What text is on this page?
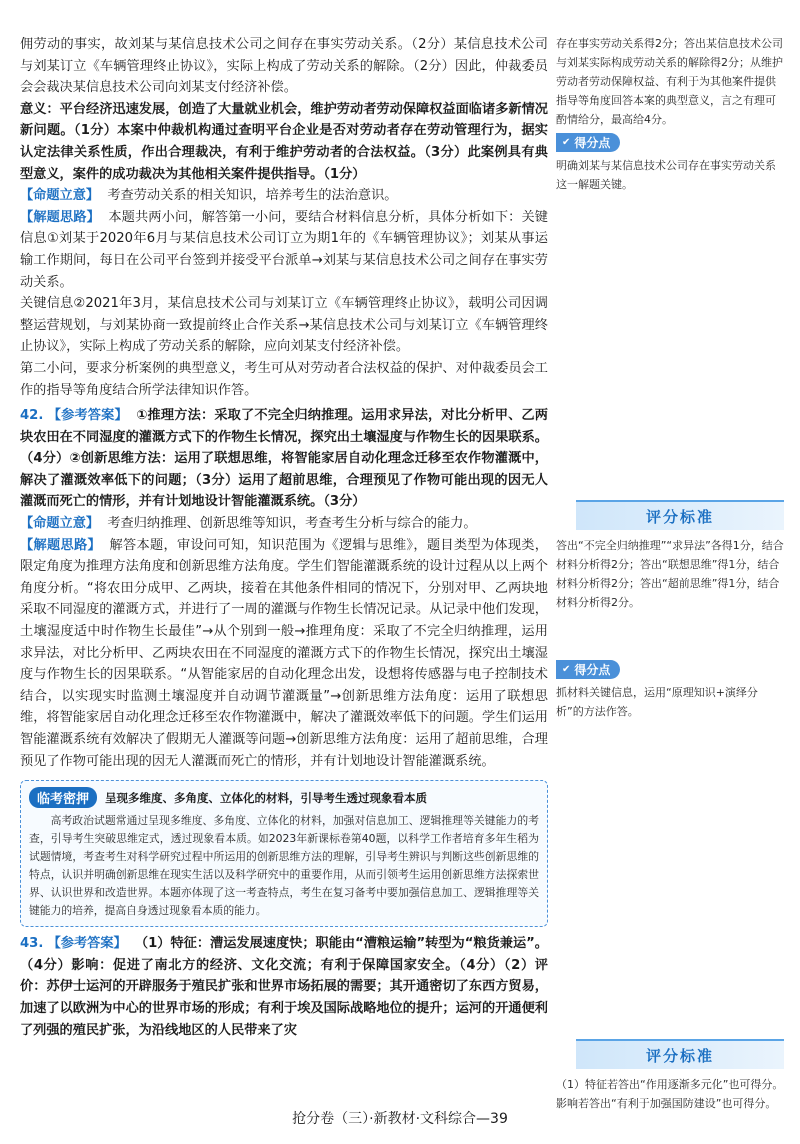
佣劳动的事实，故刘某与某信息技术公司之间存在事实劳动关系。（2分）某信息技术公司与刘某订立《车辆管理终止协议》，实际上构成了劳动关系的解除。（2分）因此，仲裁委员会会裁决某信息技术公司向刘某支付经济补偿。

意义：平台经济迅速发展，创造了大量就业机会，维护劳动者劳动保障权益面临诸多新情况新问题。（1分）本案中仲裁机构通过查明平台企业是否对劳动者存在劳动管理行为，据实认定法律关系性质，作出合理裁决，有利于维护劳动者的合法权益。（3分）此案例具有典型意义，案件的成功裁决为其他相关案件提供指导。（1分）

【命题立意】 考查劳动关系的相关知识，培养考生的法治意识。

【解题思路】 本题共两小问，解答第一小问，要结合材料信息分析，具体分析如下：关键信息①刘某于2020年6月与某信息技术公司订立为期1年的《车辆管理协议》；刘某从事运输工作期间，每日在公司平台签到并接受平台派单→刘某与某信息技术公司之间存在事实劳动关系。

关键信息②2021年3月，某信息技术公司与刘某订立《车辆管理终止协议》，载明公司因调整运营规划，与刘某协商一致提前终止合作关系→某信息技术公司与刘某订立《车辆管理终止协议》，实际上构成了劳动关系的解除，应向刘某支付经济补偿。

第二小问，要求分析案例的典型意义，考生可从对劳动者合法权益的保护、对仲裁委员会工作的指导等角度结合所学法律知识作答。

42. 【参考答案】 ①推理方法：采取了不完全归纳推理。运用求异法，对比分析甲、乙两块农田在不同湿度的灌溉方式下的作物生长情况，探究出土壤湿度与作物生长的因果联系。（4分）②创新思维方法：运用了联想思维，将智能家居自动化理念迁移至农作物灌溉中，解决了灌溉效率低下的问题；（3分）运用了超前思维，合理预见了作物可能出现的因无人灌溉而死亡的情形，并有计划地设计智能灌溉系统。（3分）

【命题立意】 考查归纳推理、创新思维等知识，考查考生分析与综合的能力。

【解题思路】 解答本题，审设问可知，知识范围为《逻辑与思维》，题目类型为体现类，限定角度为推理方法角度和创新思维方法角度。学生们智能灌溉系统的设计过程从以上两个角度分析。“将农田分成甲、乙两块，接着在其他条件相同的情况下，分别对甲、乙两块地采取不同湿度的灌溉方式，并进行了一周的灌溉与作物生长情况记录。从记录中他们发现，土壤湿度适中时作物生长最佳”→从个别到一般→推理角度：采取了不完全归纳推理，运用求异法，对比分析甲、乙两块农田在不同湿度的灌溉方式下的作物生长情况，探究出土壤湿度与作物生长的因果联系。“从智能家居的自动化理念出发，设想将传感器与电子控制技术结合，以实现实时监测土壤湿度并自动调节灌溉量”→创新思维方法角度：运用了联想思维，将智能家居自动化理念迁移至农作物灌溉中，解决了灌溉效率低下的问题。学生们运用智能灌溉系统有效解决了假期无人灌溉等问题→创新思维方法角度：运用了超前思维，合理预见了作物可能出现的因无人灌溉而死亡的情形，并有计划地设计智能灌溉系统。

临考密押	呈现多维度、多角度、立体化的材料，引导考生透过现象看本质

高考政治试题常通过呈现多维度、多角度、立体化的材料，加强对信息加工、逻辑推理等关键能力的考查，引导考生突破思维定式，透过现象看本质。如2023年新课标卷第40题，以科学工作者培育多年生稻为试题情境，考查考生对科学研究过程中所运用的创新思维方法的理解，引导考生辨识与判断这些创新思维的特点，认识并明确创新思维在现实生活以及科学研究中的重要作用，从而引领考生运用创新思维方法探索世界、认识世界和改造世界。本题亦体现了这一考查特点，考生在复习备考中要加强信息加工、逻辑推理等关键能力的培养，提高自身透过现象看本质的能力。

43. 【参考答案】 （1）特征：漕运发展速度快；职能由“漕粮运输”转型为“粮货兼运”。（4分）影响：促进了南北方的经济、文化交流；有利于保障国家安全。（4分）（2）评价：苏伊士运河的开辟服务于殖民扩张和世界市场拓展的需要；其开通密切了东西方贸易，加速了以欧洲为中心的世界市场的形成；有利于埃及国际战略地位的提升；运河的开通便利了列强的殖民扩张，为沿线地区的人民带来了灾

存在事实劳动关系得2分；答出某信息技术公司与刘某实际构成劳动关系的解除得2分；从维护劳动者劳动保障权益、有利于为其他案件提供指导等角度回答本案的典型意义，言之有理可酌情给分，最高给4分。

✔ 得分点

明确刘某与某信息技术公司存在事实劳动关系这一解题关键。

评分标准

答出“不完全归纳推理”“求异法”各得1分，结合材料分析得2分；答出“联想思维”得1分，结合材料分析得2分；答出“超前思维”得1分，结合材料分析得2分。

✔ 得分点

抓材料关键信息，运用“原理知识+演绎分析”的方法作答。

评分标准

（1）特征若答出“作用逐渐多元化”也可得分。

影响若答出“有利于加强国防建设”也可得分。

抢分卷（三）·新教材·文科综合—39
